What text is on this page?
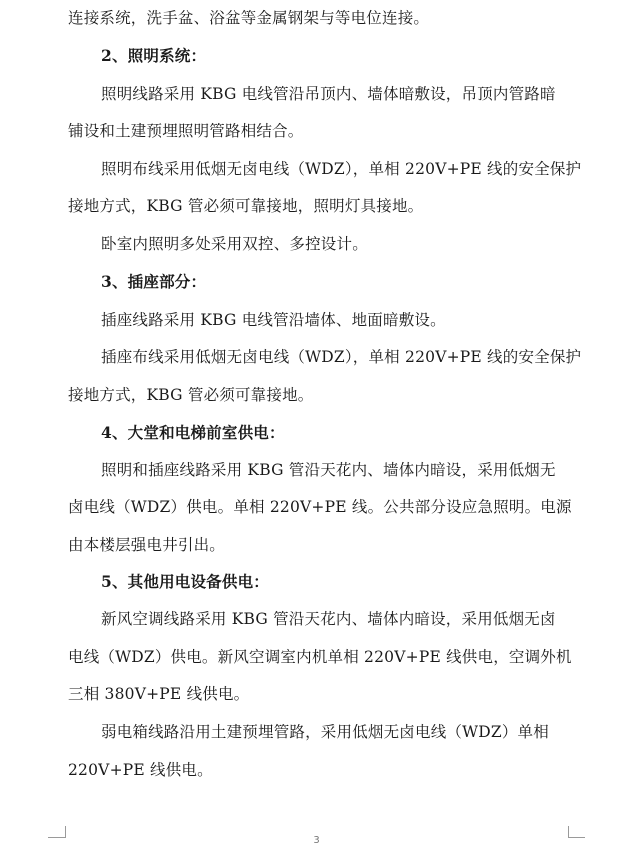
连接系统，洗手盆、浴盆等金属钢架与等电位连接。
2、照明系统：
照明线路采用 KBG 电线管沿吊顶内、墙体暗敷设，吊顶内管路暗
铺设和土建预埋照明管路相结合。
照明布线采用低烟无卤电线（WDZ），单相 220V+PE 线的安全保护
接地方式，KBG 管必须可靠接地，照明灯具接地。
卧室内照明多处采用双控、多控设计。
3、插座部分：
插座线路采用 KBG 电线管沿墙体、地面暗敷设。
插座布线采用低烟无卤电线（WDZ），单相 220V+PE 线的安全保护
接地方式，KBG 管必须可靠接地。
4、大堂和电梯前室供电：
照明和插座线路采用 KBG 管沿天花内、墙体内暗设，采用低烟无
卤电线（WDZ）供电。单相 220V+PE 线。公共部分设应急照明。电源
由本楼层强电井引出。
5、其他用电设备供电：
新风空调线路采用 KBG 管沿天花内、墙体内暗设，采用低烟无卤
电线（WDZ）供电。新风空调室内机单相 220V+PE 线供电，空调外机
三相 380V+PE 线供电。
弱电箱线路沿用土建预埋管路，采用低烟无卤电线（WDZ）单相
220V+PE 线供电。
3
